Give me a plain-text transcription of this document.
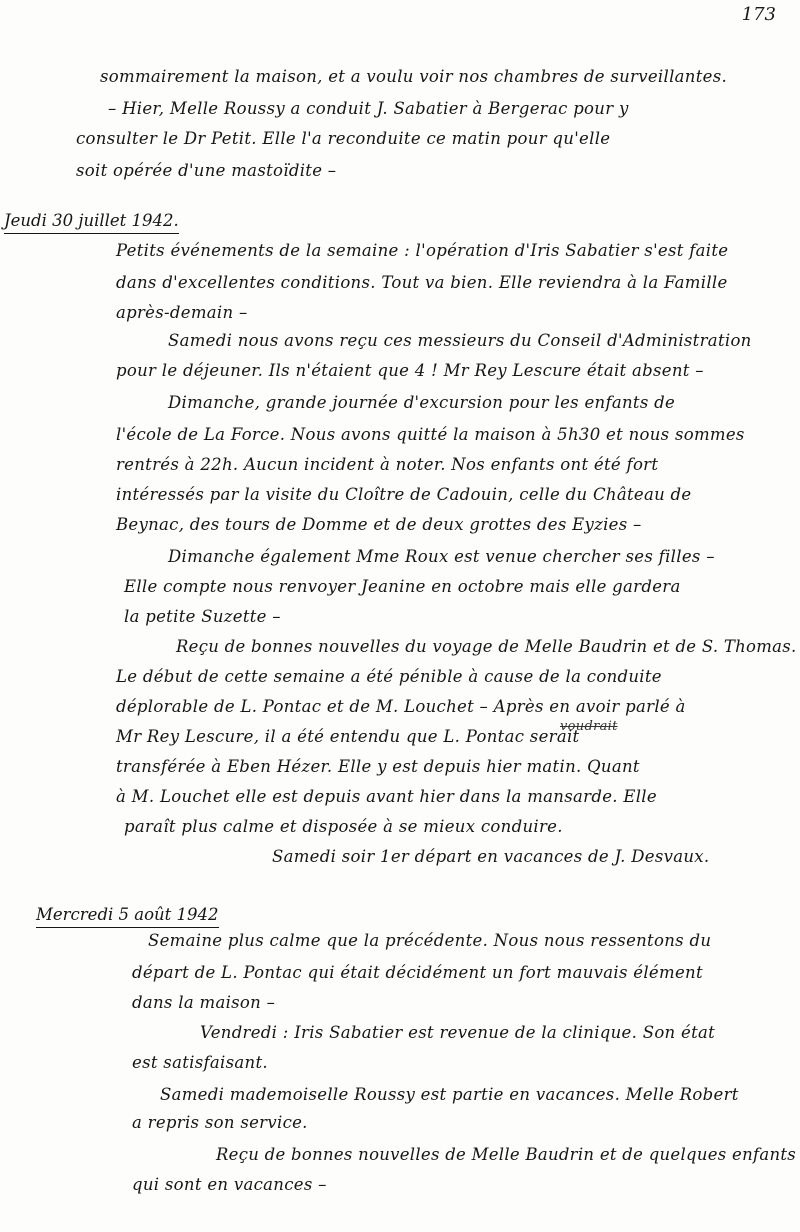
173
sommairement la maison, et a voulu voir nos chambres de surveillantes.
– Hier, Melle Roussy a conduit J. Sabatier à Bergerac pour y
consulter le Dr Petit. Elle l'a reconduite ce matin pour qu'elle
soit opérée d'une mastoïdite –
Jeudi 30 juillet 1942.
Petits événements de la semaine : l'opération d'Iris Sabatier s'est faite
dans d'excellentes conditions. Tout va bien. Elle reviendra à la Famille
après-demain –
Samedi nous avons reçu ces messieurs du Conseil d'Administration
pour le déjeuner. Ils n'étaient que 4 ! Mr Rey Lescure était absent –
Dimanche, grande journée d'excursion pour les enfants de
l'école de La Force. Nous avons quitté la maison à 5h30 et nous sommes
rentrés à 22h. Aucun incident à noter. Nos enfants ont été fort
intéressés par la visite du Cloître de Cadouin, celle du Château de
Beynac, des tours de Domme et de deux grottes des Eyzies –
Dimanche également Mme Roux est venue chercher ses filles –
Elle compte nous renvoyer Jeanine en octobre mais elle gardera
la petite Suzette –
Reçu de bonnes nouvelles du voyage de Melle Baudrin et de S. Thomas.
Le début de cette semaine a été pénible à cause de la conduite
déplorable de L. Pontac et de M. Louchet – Après en avoir parlé à
Mr Rey Lescure, il a été entendu que L. Pontac serait
voudrait
transférée à Eben Hézer. Elle y est depuis hier matin. Quant
à M. Louchet elle est depuis avant hier dans la mansarde. Elle
paraît plus calme et disposée à se mieux conduire.
Samedi soir 1er départ en vacances de J. Desvaux.
Mercredi 5 août 1942
Semaine plus calme que la précédente. Nous nous ressentons du
départ de L. Pontac qui était décidément un fort mauvais élément
dans la maison –
Vendredi : Iris Sabatier est revenue de la clinique. Son état
est satisfaisant.
Samedi mademoiselle Roussy est partie en vacances. Melle Robert
a repris son service.
Reçu de bonnes nouvelles de Melle Baudrin et de quelques enfants
qui sont en vacances –
